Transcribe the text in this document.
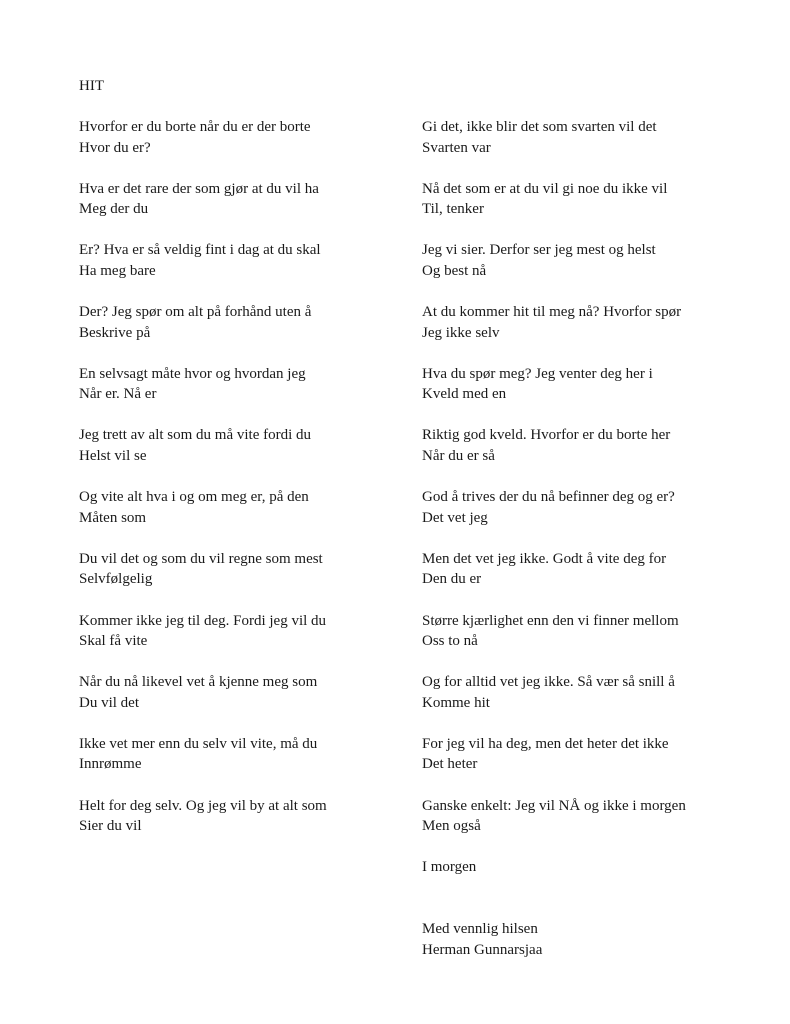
HIT
Hvorfor er du borte når du er der borte
Hvor du er?
Hva er det rare der som gjør at du vil ha
Meg der du
Er? Hva er så veldig fint i dag at du skal
Ha meg bare
Der? Jeg spør om alt på forhånd uten å
Beskrive på
En selvsagt måte hvor og hvordan jeg
Når er. Nå er
Jeg trett av alt som du må vite fordi du
Helst vil se
Og vite alt hva i og om meg er, på den
Måten som
Du vil det og som du vil regne som mest
Selvfølgelig
Kommer ikke jeg til deg. Fordi jeg vil du
Skal få vite
Når du nå likevel vet å kjenne meg som
Du vil det
Ikke vet mer enn du selv vil vite, må du
Innrømme
Helt for deg selv. Og jeg vil by at alt som
Sier du vil
Gi det, ikke blir det som svarten vil det
Svarten var
Nå det som er at du vil gi noe du ikke vil
Til, tenker
Jeg vi sier. Derfor ser jeg mest og helst
Og best nå
At du kommer hit til meg nå? Hvorfor spør
Jeg ikke selv
Hva du spør meg? Jeg venter deg her i
Kveld med en
Riktig god kveld. Hvorfor er du borte her
Når du er så
God å trives der du nå befinner deg og er?
Det vet jeg
Men det vet jeg ikke. Godt å vite deg for
Den du er
Større kjærlighet enn den vi finner mellom
Oss to nå
Og for alltid vet jeg ikke. Så vær så snill å
Komme hit
For jeg vil ha deg, men det heter det ikke
Det heter
Ganske enkelt: Jeg vil NÅ og ikke i morgen
Men også
I morgen
Med vennlig hilsen
Herman Gunnarsjaa
